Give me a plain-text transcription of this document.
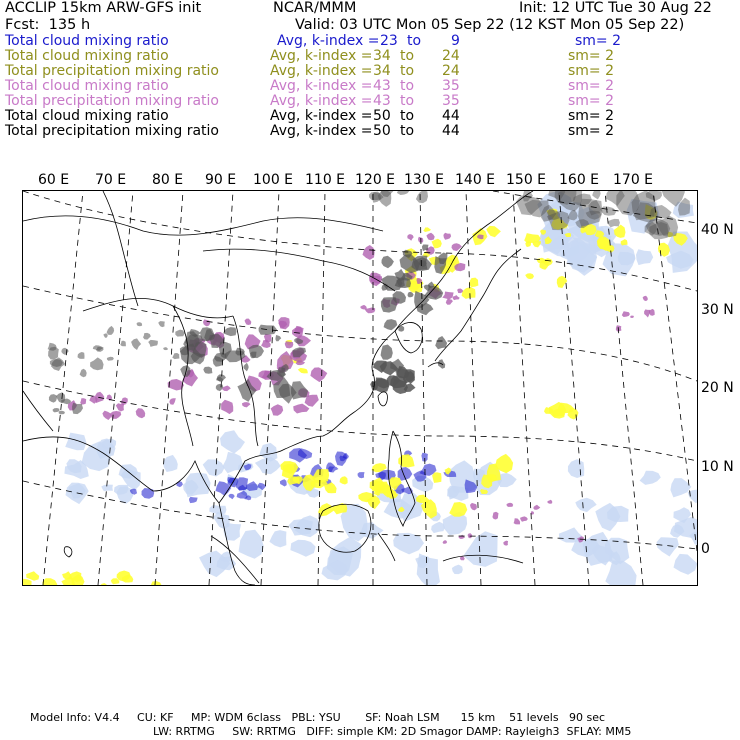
ACCLIP 15km ARW-GFS init	NCAR/MMM	Init: 12 UTC Tue 30 Aug 22
Fcst:  135 h	Valid: 03 UTC Mon 05 Sep 22 (12 KST Mon 05 Sep 22)
Total cloud mixing ratio	Avg, k-index = 23 to 9	sm= 2
Total cloud mixing ratio	Avg, k-index = 34 to 24	sm= 2
Total precipitation mixing ratio	Avg, k-index = 34 to 24	sm= 2
Total cloud mixing ratio	Avg, k-index = 43 to 35	sm= 2
Total precipitation mixing ratio	Avg, k-index = 43 to 35	sm= 2
Total cloud mixing ratio	Avg, k-index = 50 to 44	sm= 2
Total precipitation mixing ratio	Avg, k-index = 50 to 44	sm= 2
60 E 70 E 80 E 90 E 100 E 110 E 120 E 130 E 140 E 150 E 160 E 170 E
40 N
30 N
20 N
10 N
0
Model Info: V4.4     CU: KF     MP: WDM 6class   PBL: YSU       SF: Noah LSM      15 km    51 levels   90 sec
LW: RRTMG     SW: RRTMG   DIFF: simple KM: 2D Smagor DAMP: Rayleigh3  SFLAY: MM5
